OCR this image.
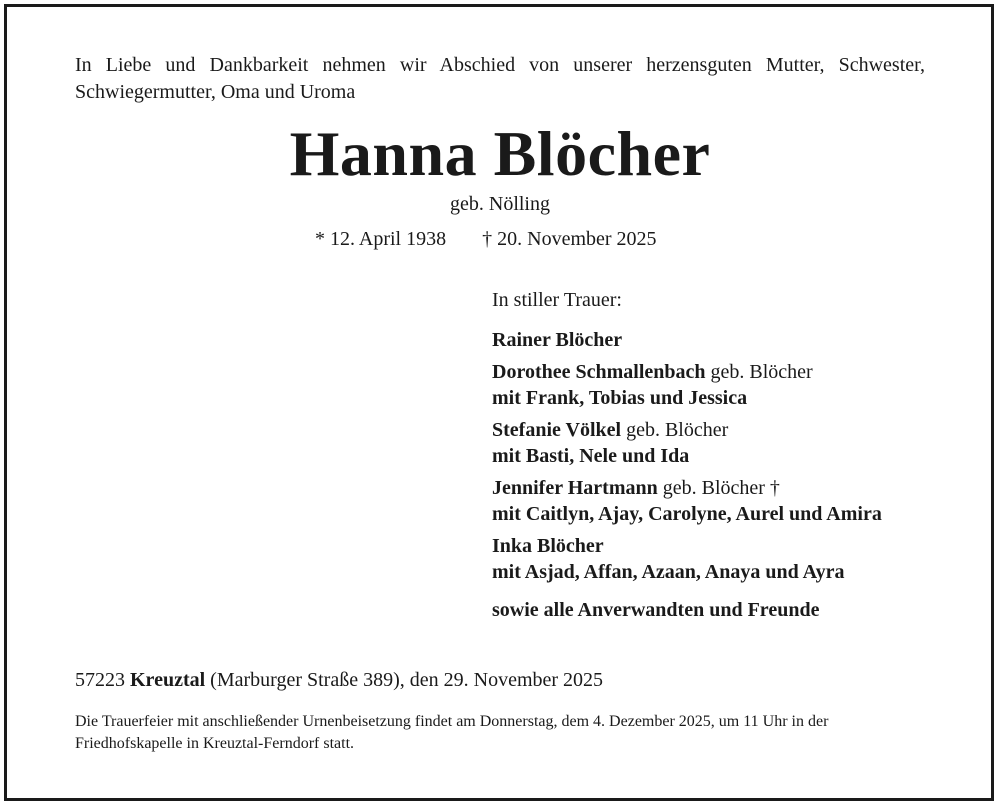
In Liebe und Dankbarkeit nehmen wir Abschied von unserer herzensguten Mutter, Schwester, Schwiegermutter, Oma und Uroma
Hanna Blöcher
geb. Nölling
* 12. April 1938 † 20. November 2025
In stiller Trauer:
Rainer Blöcher
Dorothee Schmallenbach geb. Blöcher
mit Frank, Tobias und Jessica
Stefanie Völkel geb. Blöcher
mit Basti, Nele und Ida
Jennifer Hartmann geb. Blöcher †
mit Caitlyn, Ajay, Carolyne, Aurel und Amira
Inka Blöcher
mit Asjad, Affan, Azaan, Anaya und Ayra
sowie alle Anverwandten und Freunde
57223 Kreuztal (Marburger Straße 389), den 29. November 2025
Die Trauerfeier mit anschließender Urnenbeisetzung findet am Donnerstag, dem 4. Dezember 2025, um 11 Uhr in der Friedhofskapelle in Kreuztal-Ferndorf statt.
